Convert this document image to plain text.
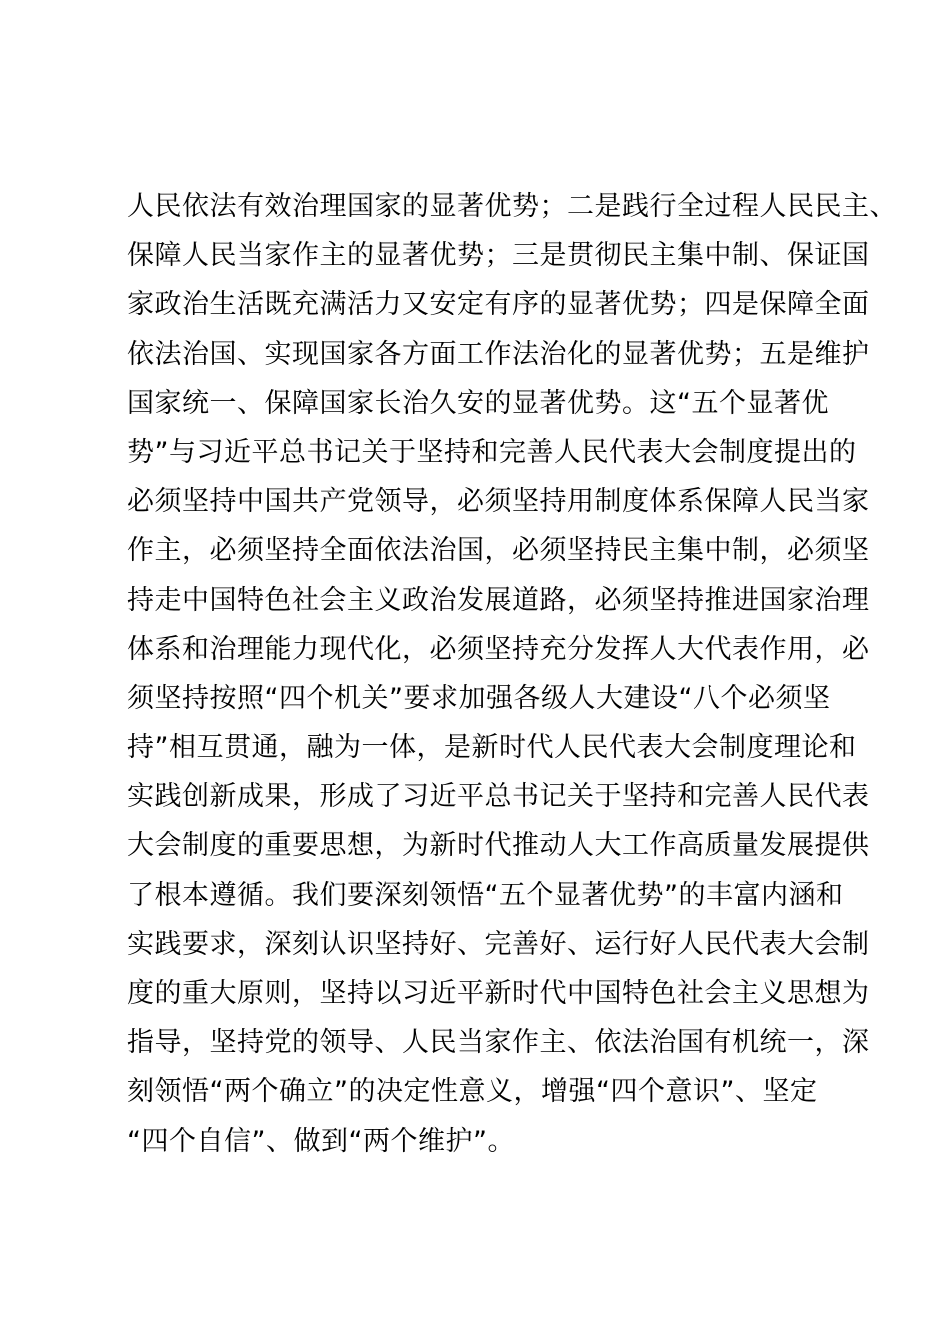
人民依法有效治理国家的显著优势；二是践行全过程人民民主、
保障人民当家作主的显著优势；三是贯彻民主集中制、保证国
家政治生活既充满活力又安定有序的显著优势；四是保障全面
依法治国、实现国家各方面工作法治化的显著优势；五是维护
国家统一、保障国家长治久安的显著优势。这“五个显著优
势”与习近平总书记关于坚持和完善人民代表大会制度提出的
必须坚持中国共产党领导，必须坚持用制度体系保障人民当家
作主，必须坚持全面依法治国，必须坚持民主集中制，必须坚
持走中国特色社会主义政治发展道路，必须坚持推进国家治理
体系和治理能力现代化，必须坚持充分发挥人大代表作用，必
须坚持按照“四个机关”要求加强各级人大建设“八个必须坚
持”相互贯通，融为一体，是新时代人民代表大会制度理论和
实践创新成果，形成了习近平总书记关于坚持和完善人民代表
大会制度的重要思想，为新时代推动人大工作高质量发展提供
了根本遵循。我们要深刻领悟“五个显著优势”的丰富内涵和
实践要求，深刻认识坚持好、完善好、运行好人民代表大会制
度的重大原则，坚持以习近平新时代中国特色社会主义思想为
指导，坚持党的领导、人民当家作主、依法治国有机统一，深
刻领悟“两个确立”的决定性意义，增强“四个意识”、坚定
“四个自信”、做到“两个维护”。
